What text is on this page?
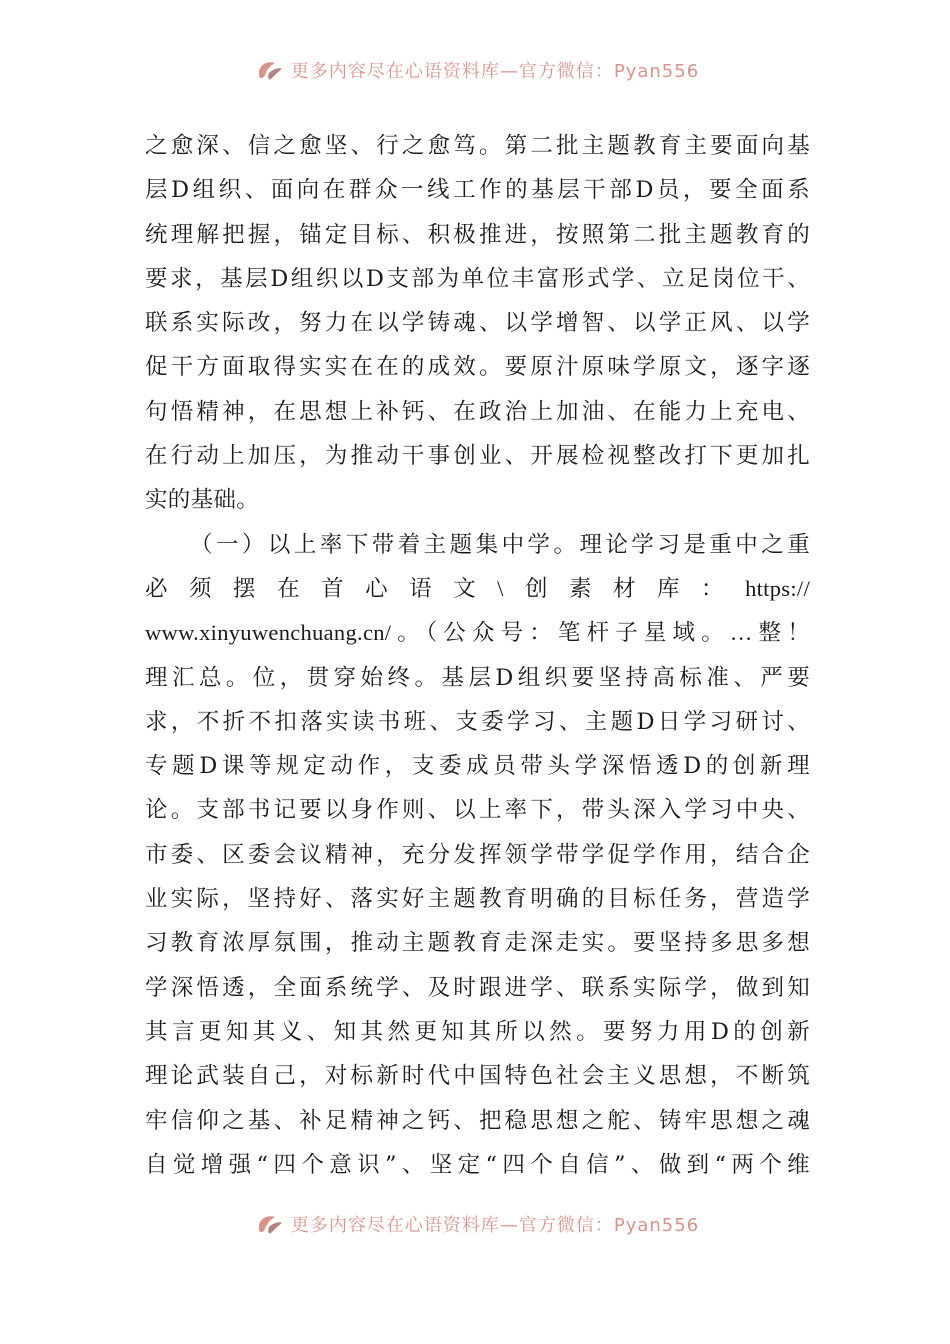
更多内容尽在心语资料库—官方微信：Pyan556
之愈深、信之愈坚、行之愈笃。第二批主题教育主要面向基
层D组织、面向在群众一线工作的基层干部D员，要全面系
统理解把握，锚定目标、积极推进，按照第二批主题教育的
要求，基层D组织以D支部为单位丰富形式学、立足岗位干、
联系实际改，努力在以学铸魂、以学增智、以学正风、以学
促干方面取得实实在在的成效。要原汁原味学原文，逐字逐
句悟精神，在思想上补钙、在政治上加油、在能力上充电、
在行动上加压，为推动干事创业、开展检视整改打下更加扎
实的基础。
（一）以上率下带着主题集中学。理论学习是重中之重
必须摆在首心语文\创素材库：https://
www.xinyuwenchuang.cn/。（公众号：笔杆子星域。…整！
理汇总。位，贯穿始终。基层D组织要坚持高标准、严要
求，不折不扣落实读书班、支委学习、主题D日学习研讨、
专题D课等规定动作，支委成员带头学深悟透D的创新理
论。支部书记要以身作则、以上率下，带头深入学习中央、
市委、区委会议精神，充分发挥领学带学促学作用，结合企
业实际，坚持好、落实好主题教育明确的目标任务，营造学
习教育浓厚氛围，推动主题教育走深走实。要坚持多思多想
学深悟透，全面系统学、及时跟进学、联系实际学，做到知
其言更知其义、知其然更知其所以然。要努力用D的创新
理论武装自己，对标新时代中国特色社会主义思想，不断筑
牢信仰之基、补足精神之钙、把稳思想之舵、铸牢思想之魂
自觉增强“四个意识”、坚定“四个自信”、做到“两个维
更多内容尽在心语资料库—官方微信：Pyan556
